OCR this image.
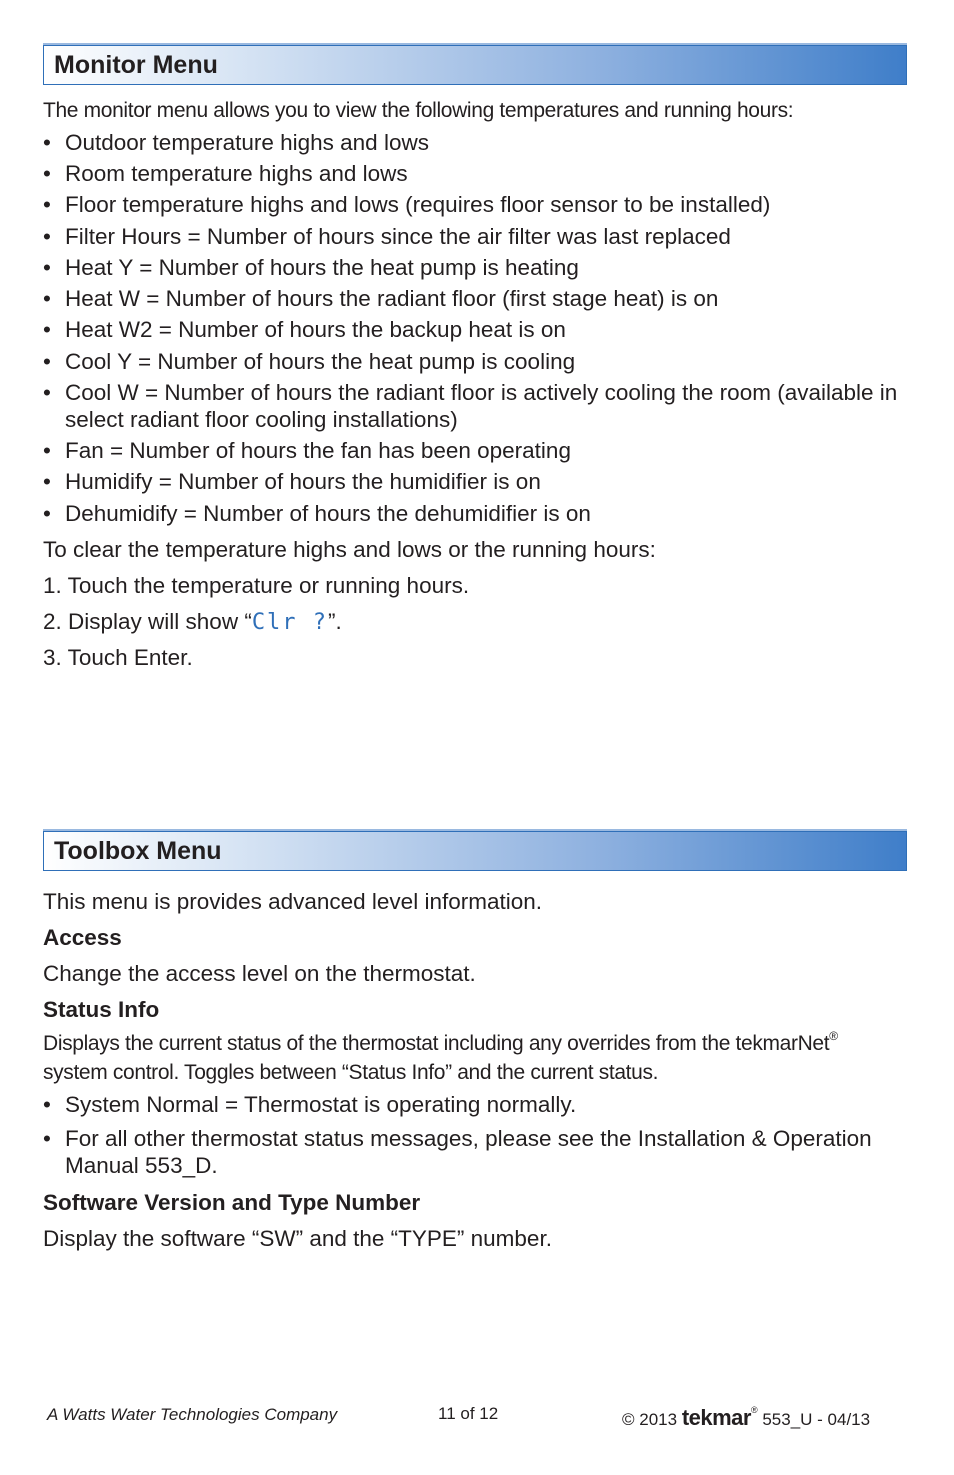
Monitor Menu
The monitor menu allows you to view the following temperatures and running hours:
• Outdoor temperature highs and lows
• Room temperature highs and lows
• Floor temperature highs and lows (requires floor sensor to be installed)
• Filter Hours = Number of hours since the air filter was last replaced
• Heat Y = Number of hours the heat pump is heating
• Heat W = Number of hours the radiant floor (first stage heat) is on
• Heat W2 = Number of hours the backup heat is on
• Cool Y = Number of hours the heat pump is cooling
• Cool W = Number of hours the radiant floor is actively cooling the room (available in select radiant floor cooling installations)
• Fan = Number of hours the fan has been operating
• Humidify = Number of hours the humidifier is on
• Dehumidify = Number of hours the dehumidifier is on
To clear the temperature highs and lows or the running hours:
1. Touch the temperature or running hours.
2. Display will show “Clr ?”.
3. Touch Enter.
Toolbox Menu
This menu is provides advanced level information.
Access
Change the access level on the thermostat.
Status Info
Displays the current status of the thermostat including any overrides from the tekmarNet®
system control. Toggles between “Status Info” and the current status.
• System Normal = Thermostat is operating normally.
• For all other thermostat status messages, please see the Installation & Operation Manual 553_D.
Software Version and Type Number
Display the software “SW” and the “TYPE” number.
A Watts Water Technologies Company	11 of 12	© 2013 tekmar® 553_U - 04/13
